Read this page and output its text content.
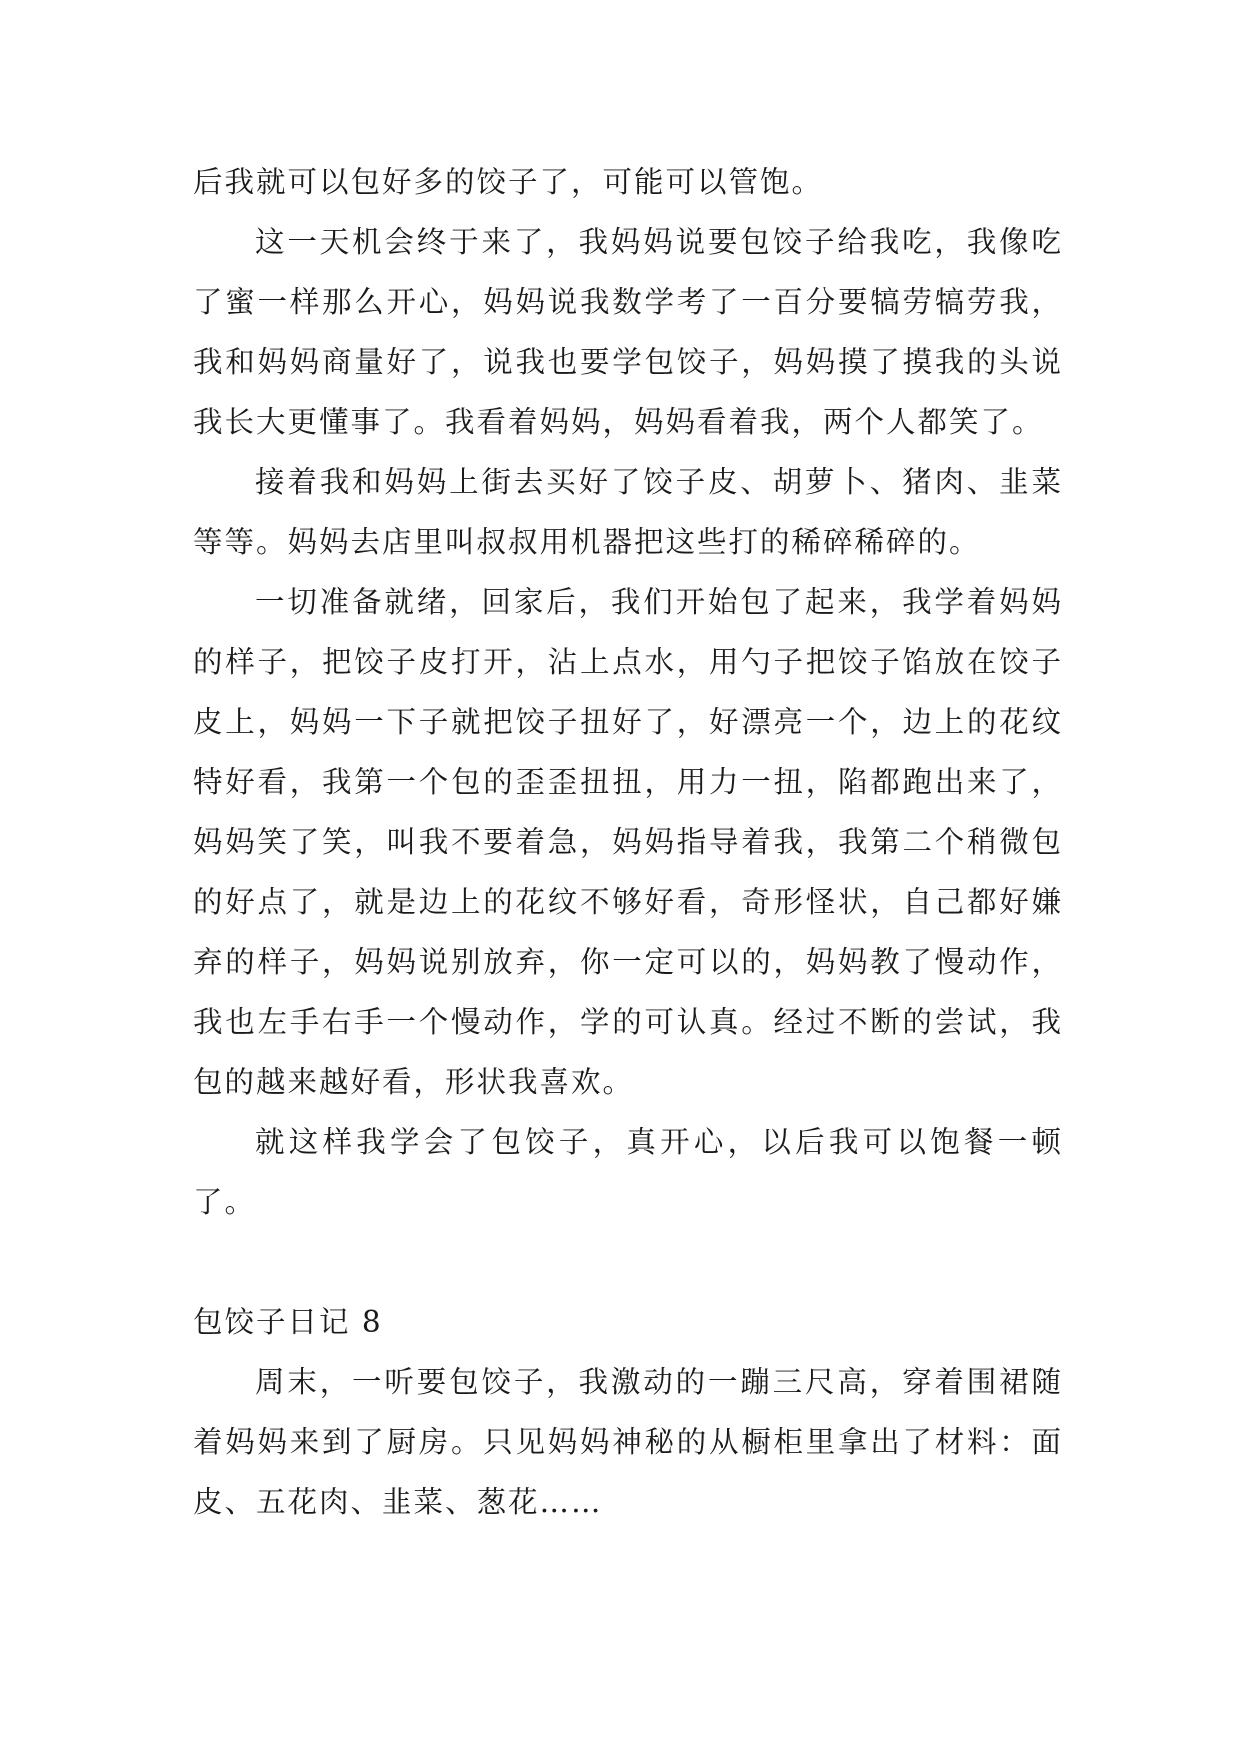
后我就可以包好多的饺子了，可能可以管饱。

这一天机会终于来了，我妈妈说要包饺子给我吃，我像吃了蜜一样那么开心，妈妈说我数学考了一百分要犒劳犒劳我，我和妈妈商量好了，说我也要学包饺子，妈妈摸了摸我的头说我长大更懂事了。我看着妈妈，妈妈看着我，两个人都笑了。

接着我和妈妈上街去买好了饺子皮、胡萝卜、猪肉、韭菜等等。妈妈去店里叫叔叔用机器把这些打的稀碎稀碎的。

一切准备就绪，回家后，我们开始包了起来，我学着妈妈的样子，把饺子皮打开，沾上点水，用勺子把饺子馅放在饺子皮上，妈妈一下子就把饺子扭好了，好漂亮一个，边上的花纹特好看，我第一个包的歪歪扭扭，用力一扭，陷都跑出来了，妈妈笑了笑，叫我不要着急，妈妈指导着我，我第二个稍微包的好点了，就是边上的花纹不够好看，奇形怪状，自己都好嫌弃的样子，妈妈说别放弃，你一定可以的，妈妈教了慢动作，我也左手右手一个慢动作，学的可认真。经过不断的尝试，我包的越来越好看，形状我喜欢。

就这样我学会了包饺子，真开心，以后我可以饱餐一顿了。

包饺子日记 8

周末，一听要包饺子，我激动的一蹦三尺高，穿着围裙随着妈妈来到了厨房。只见妈妈神秘的从橱柜里拿出了材料：面皮、五花肉、韭菜、葱花……
